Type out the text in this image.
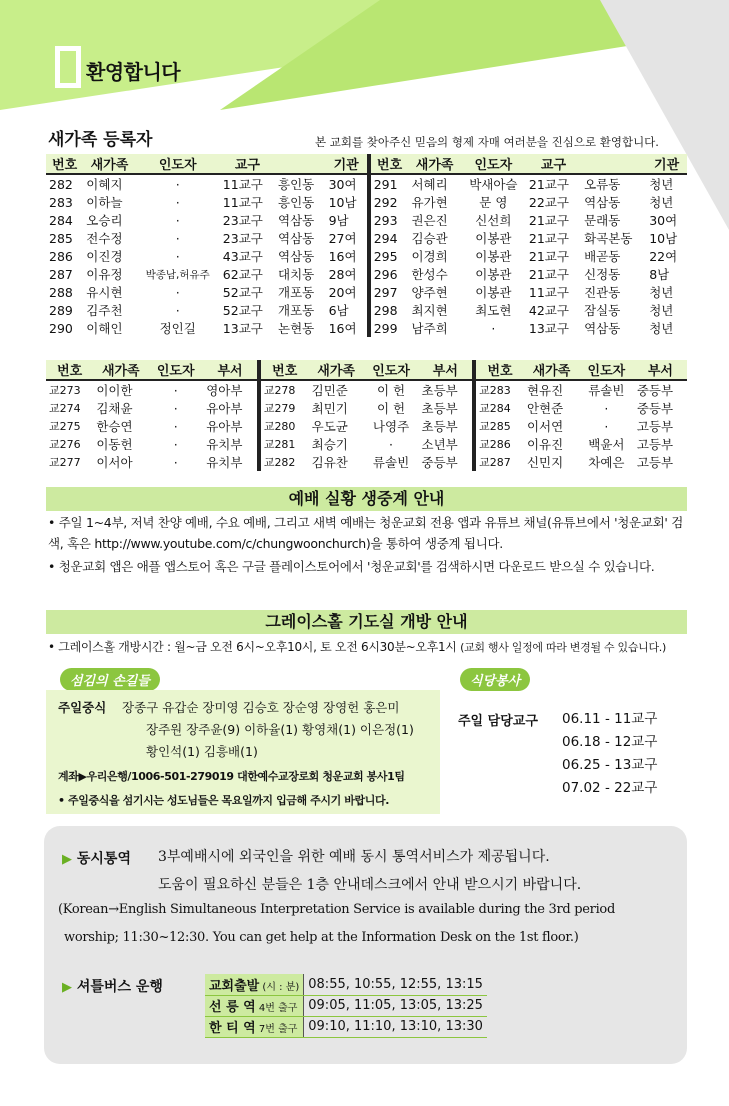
환영합니다
새가족 등록자	본 교회를 찾아주신 믿음의 형제 자매 여러분을 진심으로 환영합니다.
번호	새가족	인도자	교구		기관	번호	새가족	인도자	교구		기관
282	이혜지	·	11교구	흥인동	30여	291	서혜리	박새아슬	21교구	오류동	청년
283	이하늘	·	11교구	흥인동	10남	292	유가현	문 영	22교구	역삼동	청년
284	오승리	·	23교구	역삼동	9남	293	권은진	신선희	21교구	문래동	30여
285	전수정	·	23교구	역삼동	27여	294	김승관	이봉관	21교구	화곡본동	10남
286	이진경	·	43교구	역삼동	16여	295	이경희	이봉관	21교구	배곧동	22여
287	이유정	박종남,허유주	62교구	대치동	28여	296	한성수	이봉관	21교구	신정동	8남
288	유시현	·	52교구	개포동	20여	297	양주현	이봉관	11교구	진관동	청년
289	김주천	·	52교구	개포동	6남	298	최지현	최도현	42교구	잠실동	청년
290	이해인	정인길	13교구	논현동	16여	299	남주희	·	13교구	역삼동	청년
번호	새가족	인도자	부서	번호	새가족	인도자	부서	번호	새가족	인도자	부서
교273	이이한	·	영아부	교278	김민준	이 헌	초등부	교283	현유진	류솔빈	중등부
교274	김채윤	·	유아부	교279	최민기	이 헌	초등부	교284	안현준	·	중등부
교275	한승연	·	유아부	교280	우도균	나영주	초등부	교285	이서연	·	고등부
교276	이동헌	·	유치부	교281	최승기	·	소년부	교286	이유진	백윤서	고등부
교277	이서아	·	유치부	교282	김유찬	류솔빈	중등부	교287	신민지	차예은	고등부
예배 실황 생중계 안내
• 주일 1~4부, 저녁 찬양 예배, 수요 예배, 그리고 새벽 예배는 청운교회 전용 앱과 유튜브 채널(유튜브에서 '청운교회' 검색, 혹은 http://www.youtube.com/c/chungwoonchurch)을 통하여 생중계 됩니다.
• 청운교회 앱은 애플 앱스토어 혹은 구글 플레이스토어에서 '청운교회'를 검색하시면 다운로드 받으실 수 있습니다.
그레이스홀 기도실 개방 안내
• 그레이스홀 개방시간 : 월~금 오전 6시~오후10시, 토 오전 6시30분~오후1시 (교회 행사 일정에 따라 변경될 수 있습니다.)
섬김의 손길들
주일중식 장종구 유갑순 장미영 김승호 장순영 장영헌 홍은미
장주원 장주윤(9) 이하율(1) 황영채(1) 이은정(1)
황인석(1) 김흥배(1)
계좌▶우리은행/1006-501-279019 대한예수교장로회 청운교회 봉사1팀
• 주일중식을 섬기시는 성도님들은 목요일까지 입금해 주시기 바랍니다.
식당봉사
주일 담당교구 06.11 - 11교구
06.18 - 12교구
06.25 - 13교구
07.02 - 22교구
▶ 동시통역 3부예배시에 외국인을 위한 예배 동시 통역서비스가 제공됩니다.
도움이 필요하신 분들은 1층 안내데스크에서 안내 받으시기 바랍니다.
(Korean→English Simultaneous Interpretation Service is available during the 3rd period
worship; 11:30~12:30. You can get help at the Information Desk on the 1st floor.)
▶ 셔틀버스 운행	교회출발 (시 : 분)	08:55, 10:55, 12:55, 13:15
선 릉 역 4번 출구	09:05, 11:05, 13:05, 13:25
한 티 역 7번 출구	09:10, 11:10, 13:10, 13:30
